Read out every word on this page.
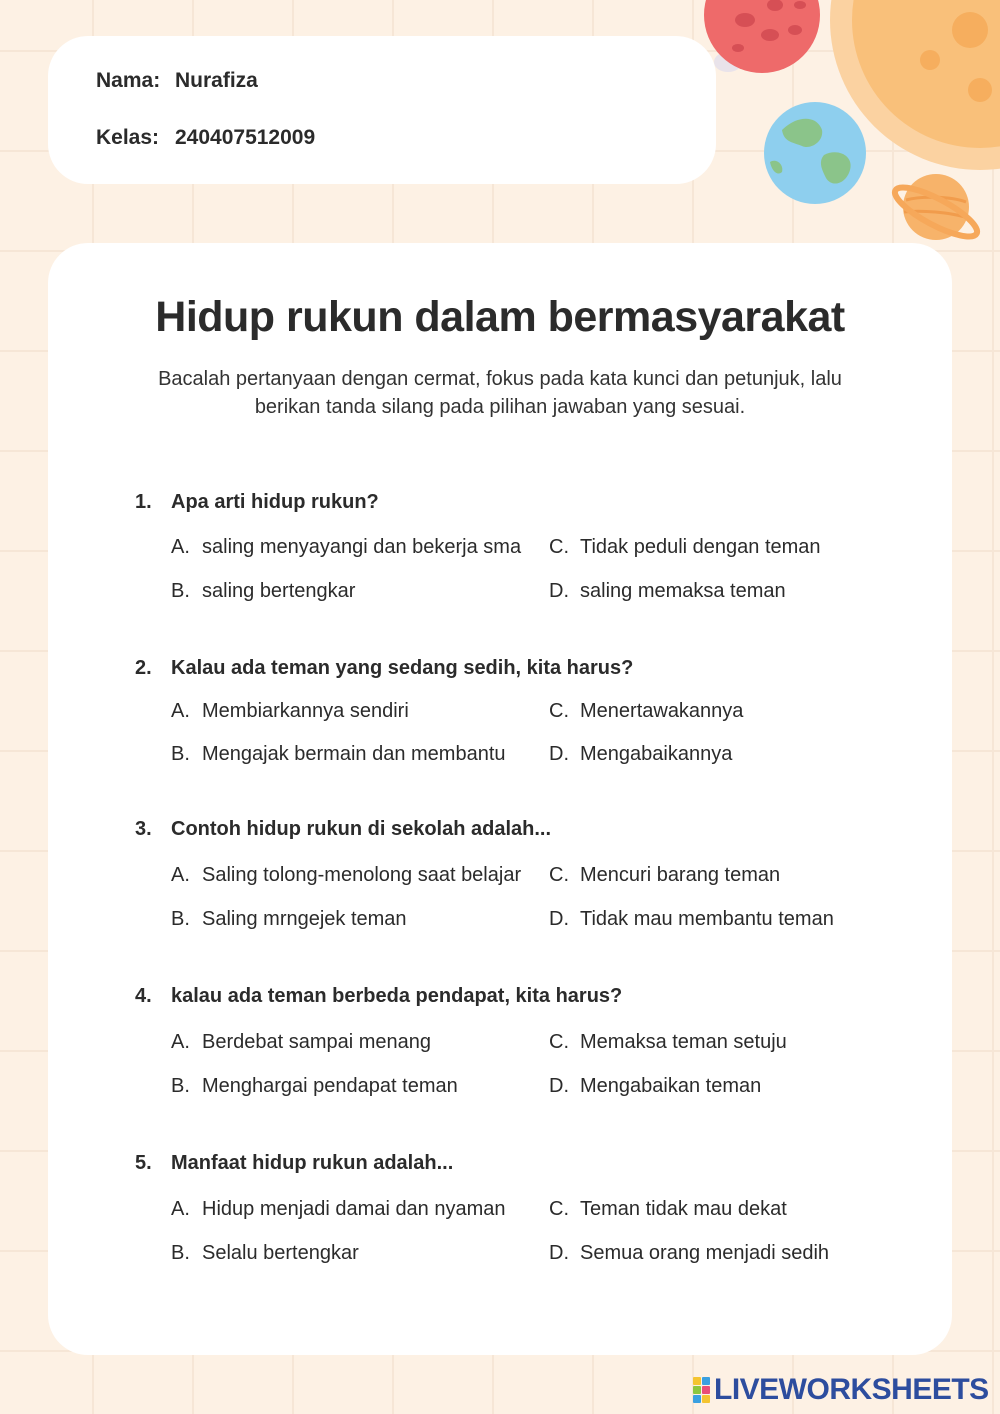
Nama: Nurafiza
Kelas: 240407512009
Hidup rukun dalam bermasyarakat

Bacalah pertanyaan dengan cermat, fokus pada kata kunci dan petunjuk, lalu berikan tanda silang pada pilihan jawaban yang sesuai.

1. Apa arti hidup rukun?
A. saling menyayangi dan bekerja sma
B. saling bertengkar
C. Tidak peduli dengan teman
D. saling memaksa teman
2. Kalau ada teman yang sedang sedih, kita harus?
A. Membiarkannya sendiri
B. Mengajak bermain dan membantu
C. Menertawakannya
D. Mengabaikannya
3. Contoh hidup rukun di sekolah adalah...
A. Saling tolong-menolong saat belajar
B. Saling mrngejek teman
C. Mencuri barang teman
D. Tidak mau membantu teman
4. kalau ada teman berbeda pendapat, kita harus?
A. Berdebat sampai menang
B. Menghargai pendapat teman
C. Memaksa teman setuju
D. Mengabaikan teman
5. Manfaat hidup rukun adalah...
A. Hidup menjadi damai dan nyaman
B. Selalu bertengkar
C. Teman tidak mau dekat
D. Semua orang menjadi sedih
LIVEWORKSHEETS
